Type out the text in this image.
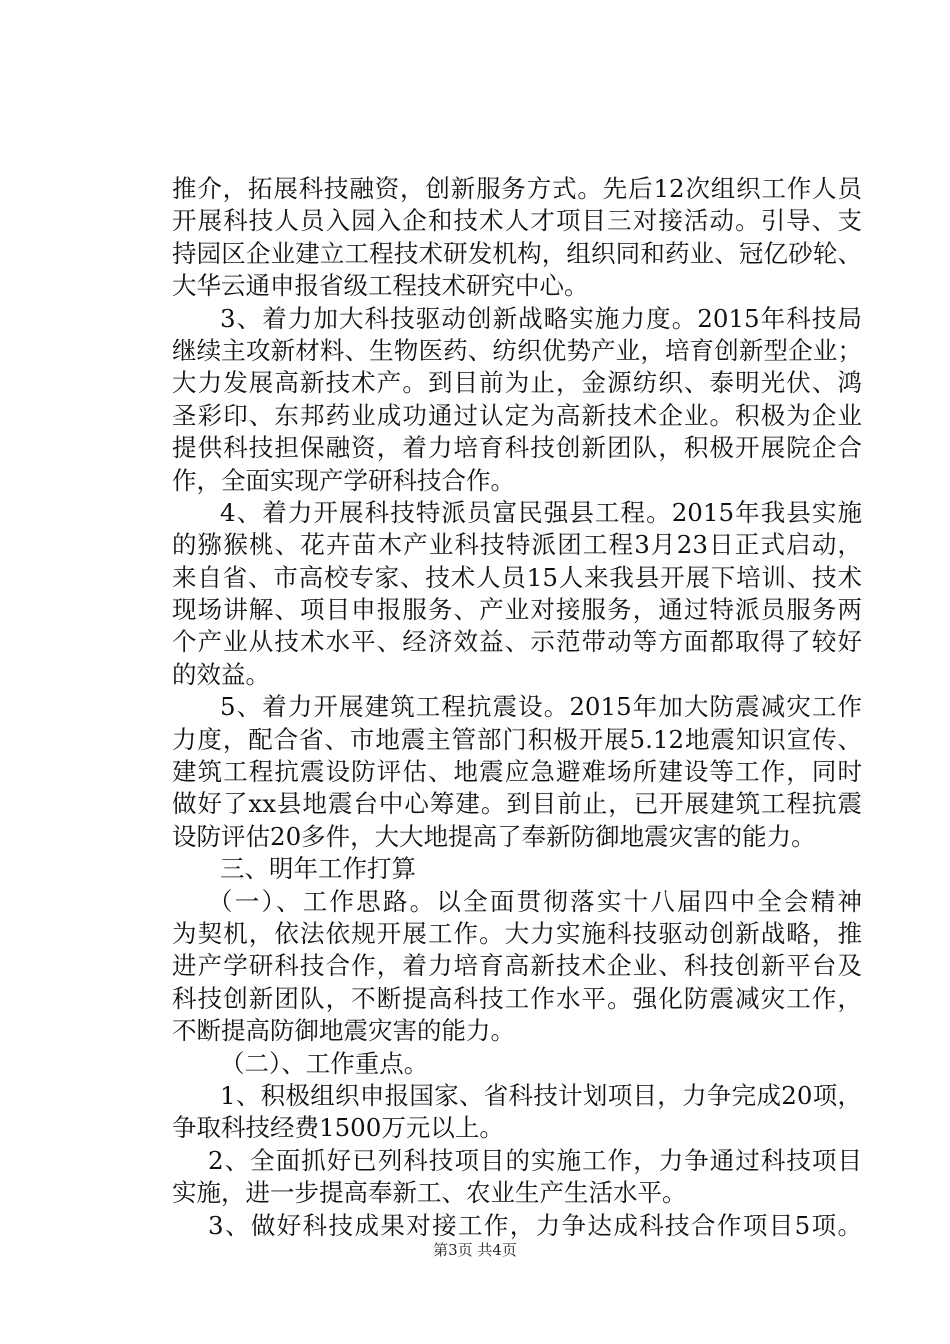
推介，拓展科技融资，创新服务方式。先后12次组织工作人员
开展科技人员入园入企和技术人才项目三对接活动。引导、支
持园区企业建立工程技术研发机构，组织同和药业、冠亿砂轮、
大华云通申报省级工程技术研究中心。
3、着力加大科技驱动创新战略实施力度。2015年科技局
继续主攻新材料、生物医药、纺织优势产业，培育创新型企业；
大力发展高新技术产。到目前为止，金源纺织、泰明光伏、鸿
圣彩印、东邦药业成功通过认定为高新技术企业。积极为企业
提供科技担保融资，着力培育科技创新团队，积极开展院企合
作，全面实现产学研科技合作。
4、着力开展科技特派员富民强县工程。2015年我县实施
的猕猴桃、花卉苗木产业科技特派团工程3月23日正式启动，
来自省、市高校专家、技术人员15人来我县开展下培训、技术
现场讲解、项目申报服务、产业对接服务，通过特派员服务两
个产业从技术水平、经济效益、示范带动等方面都取得了较好
的效益。
5、着力开展建筑工程抗震设。2015年加大防震减灾工作
力度，配合省、市地震主管部门积极开展5.12地震知识宣传、
建筑工程抗震设防评估、地震应急避难场所建设等工作，同时
做好了xx县地震台中心筹建。到目前止，已开展建筑工程抗震
设防评估20多件，大大地提高了奉新防御地震灾害的能力。
三、明年工作打算
（一）、工作思路。以全面贯彻落实十八届四中全会精神
为契机，依法依规开展工作。大力实施科技驱动创新战略，推
进产学研科技合作，着力培育高新技术企业、科技创新平台及
科技创新团队，不断提高科技工作水平。强化防震减灾工作，
不断提高防御地震灾害的能力。
（二）、工作重点。
1、积极组织申报国家、省科技计划项目，力争完成20项，
争取科技经费1500万元以上。
2、全面抓好已列科技项目的实施工作，力争通过科技项目
实施，进一步提高奉新工、农业生产生活水平。
3、做好科技成果对接工作，力争达成科技合作项目5项。
第3页 共4页
